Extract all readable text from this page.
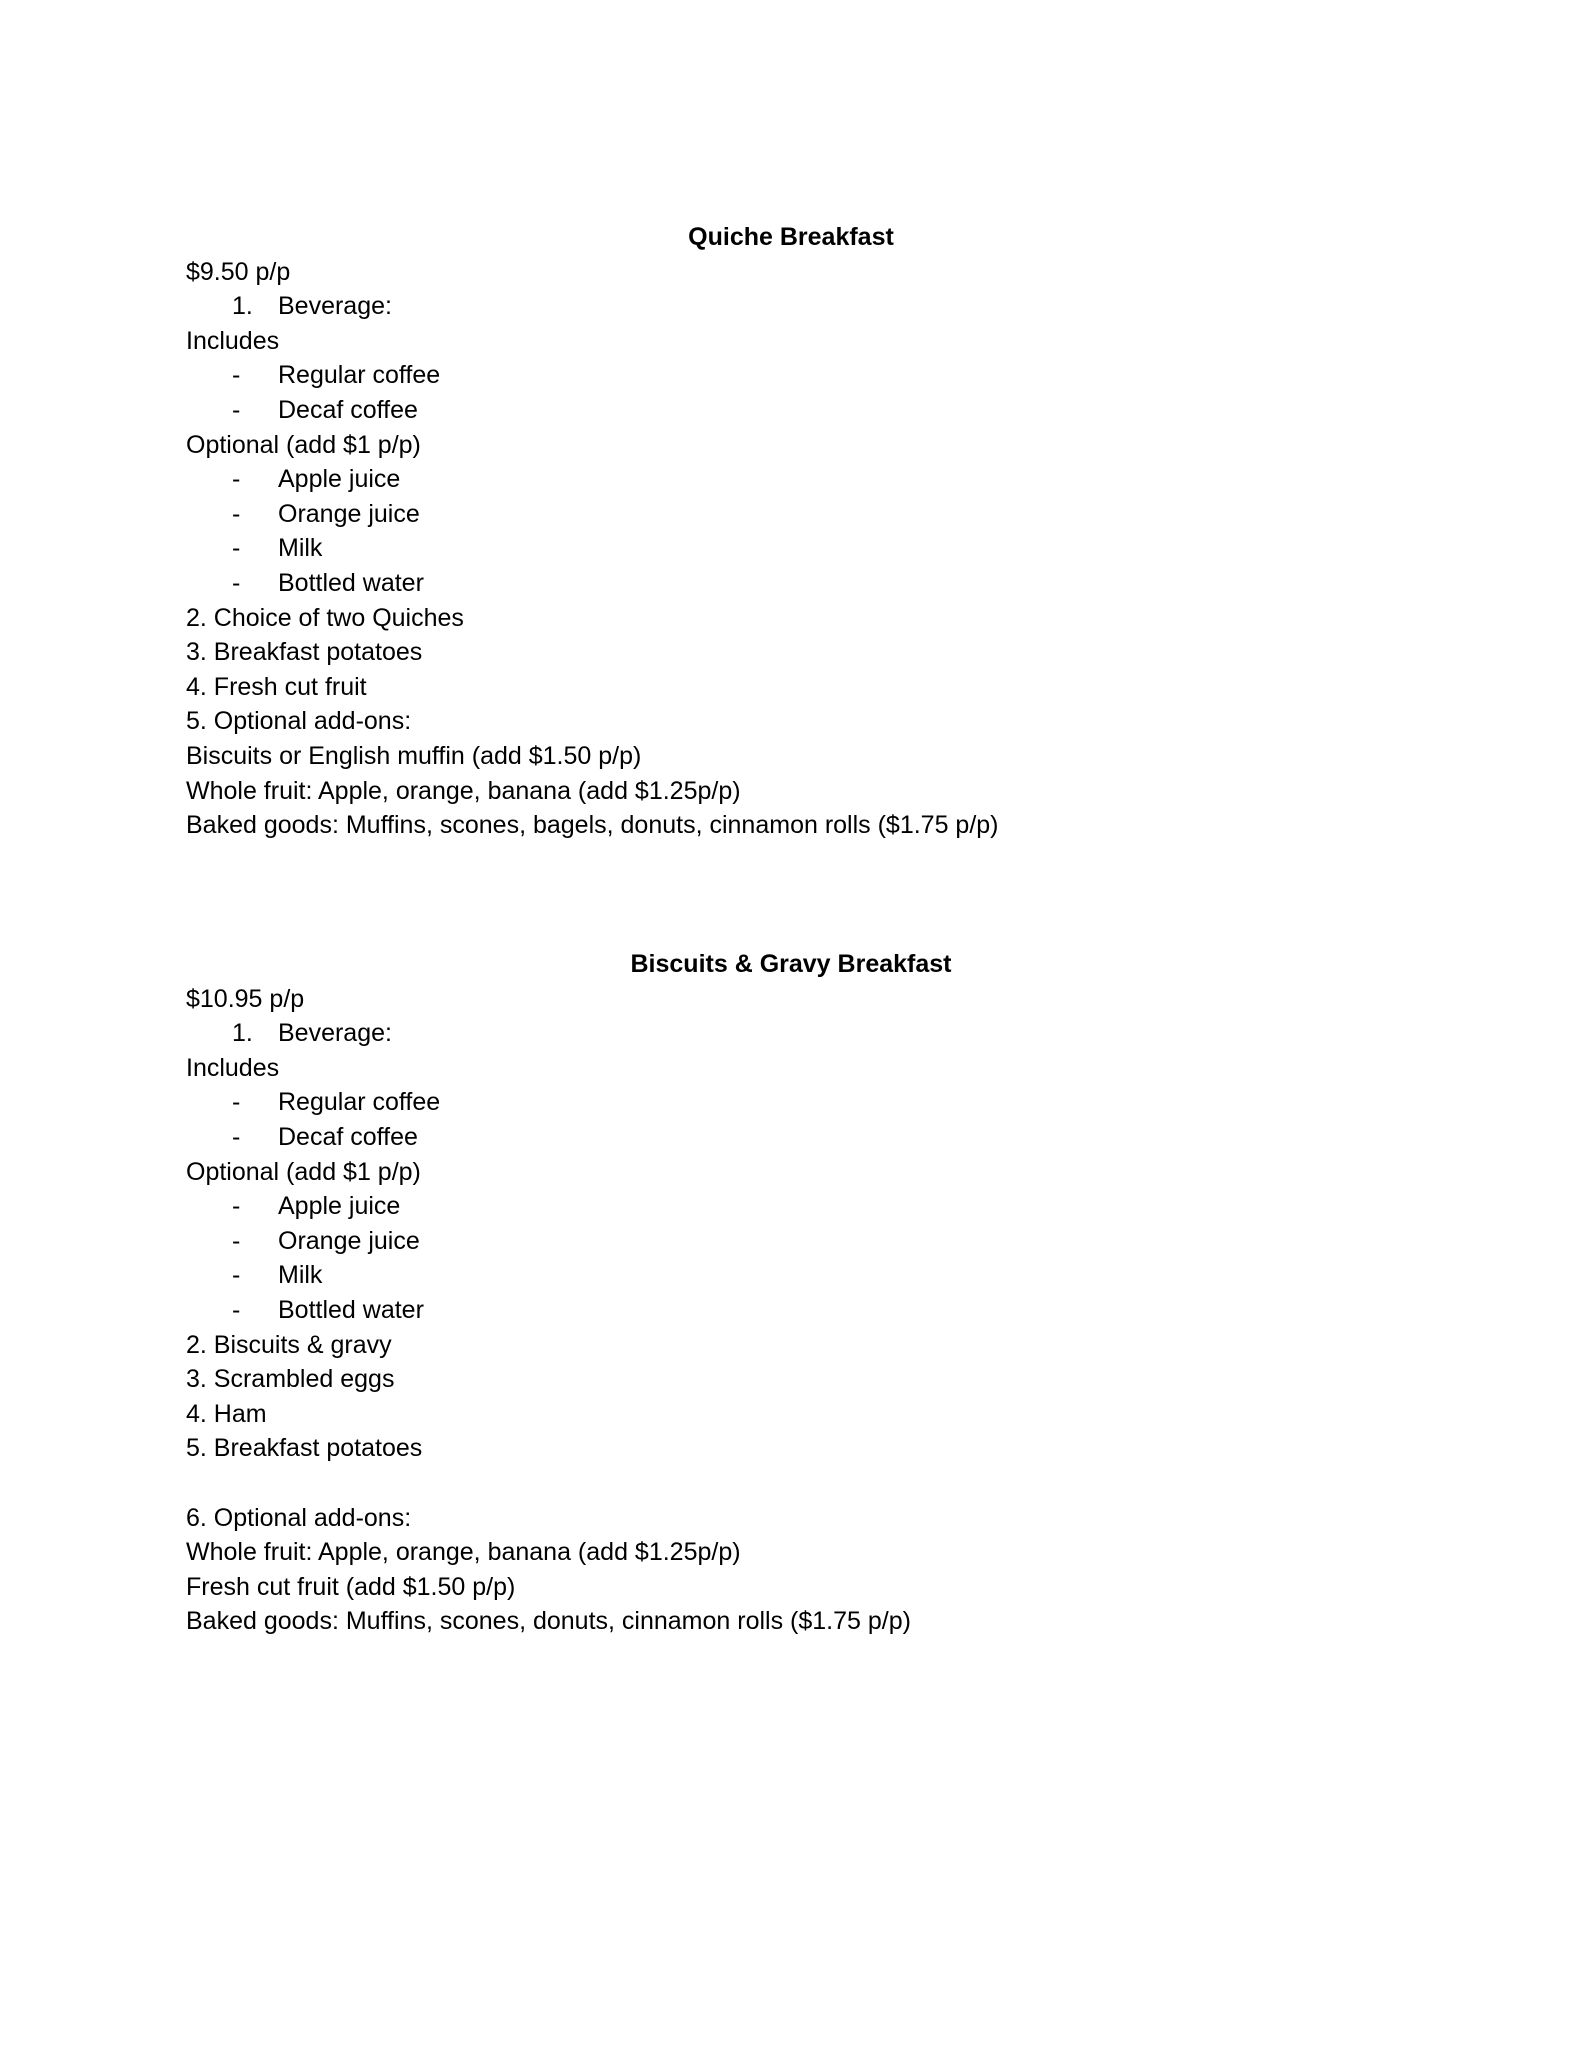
Quiche Breakfast
$9.50 p/p
1. Beverage:
Includes
- Regular coffee
- Decaf coffee
Optional (add $1 p/p)
- Apple juice
- Orange juice
- Milk
- Bottled water
2. Choice of two Quiches
3. Breakfast potatoes
4. Fresh cut fruit
5. Optional add-ons:
Biscuits or English muffin (add $1.50 p/p)
Whole fruit: Apple, orange, banana (add $1.25p/p)
Baked goods: Muffins, scones, bagels, donuts, cinnamon rolls ($1.75 p/p)
Biscuits & Gravy Breakfast
$10.95 p/p
1. Beverage:
Includes
- Regular coffee
- Decaf coffee
Optional (add $1 p/p)
- Apple juice
- Orange juice
- Milk
- Bottled water
2. Biscuits & gravy
3. Scrambled eggs
4. Ham
5. Breakfast potatoes
6. Optional add-ons:
Whole fruit: Apple, orange, banana (add $1.25p/p)
Fresh cut fruit (add $1.50 p/p)
Baked goods: Muffins, scones, donuts, cinnamon rolls ($1.75 p/p)
